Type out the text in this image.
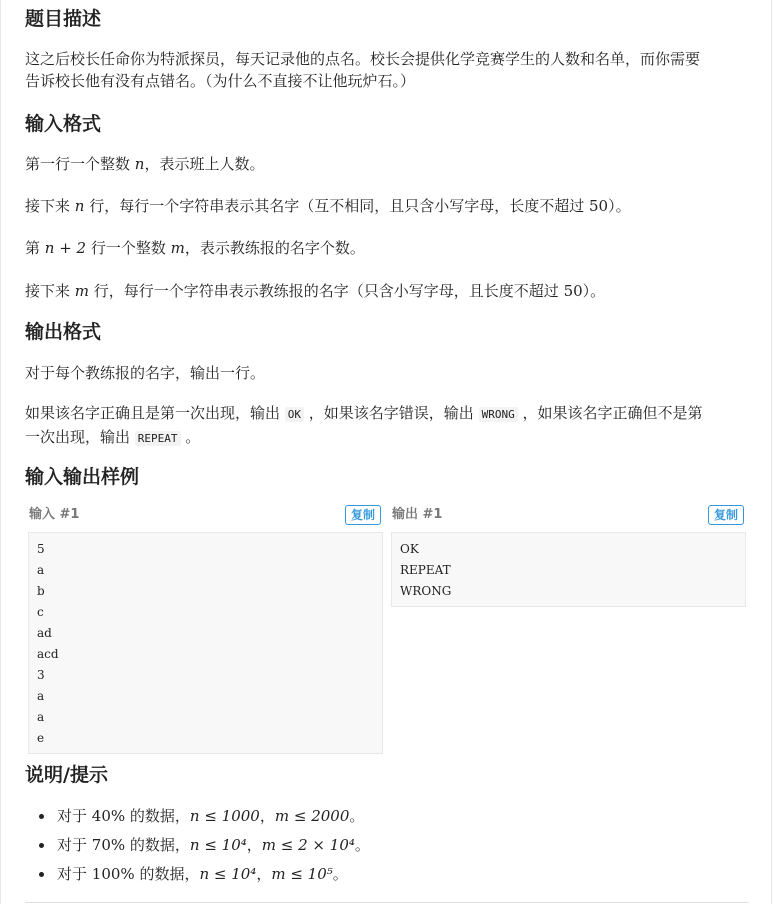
题目描述

这之后校长任命你为特派探员，每天记录他的点名。校长会提供化学竞赛学生的人数和名单，而你需要
告诉校长他有没有点错名。（为什么不直接不让他玩炉石。）

输入格式

第一行一个整数 n，表示班上人数。

接下来 n 行，每行一个字符串表示其名字（互不相同，且只含小写字母，长度不超过 50）。

第 n + 2 行一个整数 m，表示教练报的名字个数。

接下来 m 行，每行一个字符串表示教练报的名字（只含小写字母，且长度不超过 50）。

输出格式

对于每个教练报的名字，输出一行。

如果该名字正确且是第一次出现，输出 OK ，如果该名字错误，输出 WRONG ，如果该名字正确但不是第
一次出现，输出 REPEAT 。

输入输出样例
输入 #1	复制
5
a
b
c
ad
acd
3
a
a
e
输出 #1	复制
OK
REPEAT
WRONG
说明/提示
• 对于 40% 的数据，n ≤ 1000，m ≤ 2000。
• 对于 70% 的数据，n ≤ 10⁴，m ≤ 2 × 10⁴。
• 对于 100% 的数据，n ≤ 10⁴，m ≤ 10⁵。
